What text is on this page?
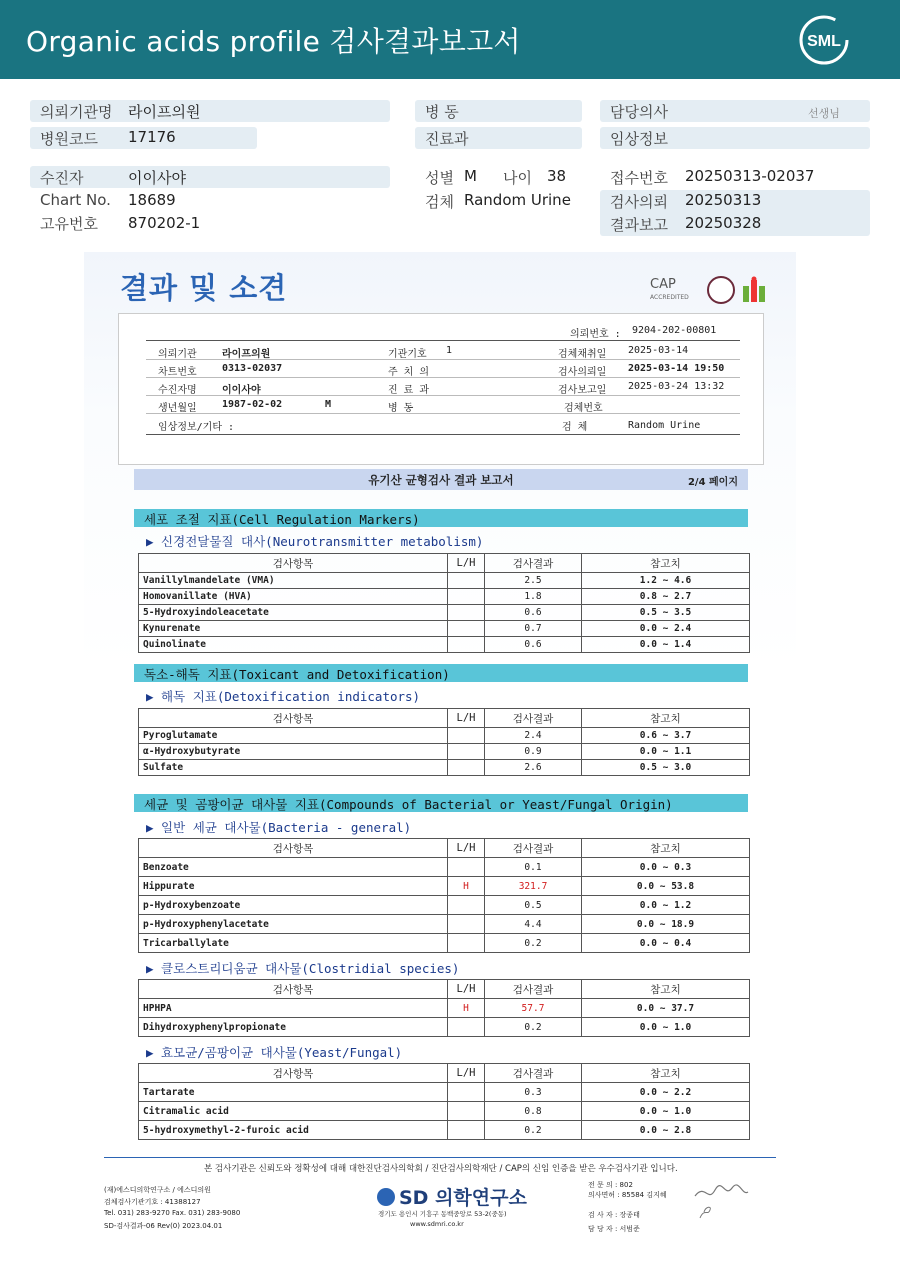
Organic acids profile 검사결과보고서	SML
의뢰기관명 라이프의원
병원코드 17176
병 동
진료과
담당의사	선생님
임상정보
수진자	이이사야
Chart No. 18689
고유번호 870202-1
성별 M 나이 38
검체 Random Urine
접수번호 20250313-02037
검사의뢰 20250313
결과보고 20250328
결과 및 소견	CAP
ACCREDITED
의뢰번호 : 9204-202-00801
의뢰기관	라이프의원	기관기호 1	검체채취일 2025-03-14
차트번호	0313-02037	주 치 의	검사의뢰일 2025-03-14 19:50
수진자명	이이사야	진 료 과	검사보고일 2025-03-24 13:32
생년월일	1987-02-02	M	병 동	검체번호
임상정보/기타 :	검 체	Random Urine
유기산 균형검사 결과 보고서	2/4 페이지
세포 조절 지표(Cell Regulation Markers)
▶ 신경전달물질 대사(Neurotransmitter metabolism)
검사항목	L/H	검사결과	참고치
Vanillylmandelate (VMA)		2.5	1.2 ~ 4.6
Homovanillate (HVA)		1.8	0.8 ~ 2.7
5-Hydroxyindoleacetate		0.6	0.5 ~ 3.5
Kynurenate		0.7	0.0 ~ 2.4
Quinolinate		0.6	0.0 ~ 1.4
독소-해독 지표(Toxicant and Detoxification)
▶ 해독 지표(Detoxification indicators)
검사항목	L/H	검사결과	참고치
Pyroglutamate		2.4	0.6 ~ 3.7
α-Hydroxybutyrate		0.9	0.0 ~ 1.1
Sulfate		2.6	0.5 ~ 3.0
세균 및 곰팡이균 대사물 지표(Compounds of Bacterial or Yeast/Fungal Origin)
▶ 일반 세균 대사물(Bacteria - general)
검사항목	L/H	검사결과	참고치
Benzoate		0.1	0.0 ~ 0.3
Hippurate	H	321.7	0.0 ~ 53.8
p-Hydroxybenzoate		0.5	0.0 ~ 1.2
p-Hydroxyphenylacetate		4.4	0.0 ~ 18.9
Tricarballylate		0.2	0.0 ~ 0.4
▶ 클로스트리디움균 대사물(Clostridial species)
검사항목	L/H	검사결과	참고치
HPHPA	H	57.7	0.0 ~ 37.7
Dihydroxyphenylpropionate		0.2	0.0 ~ 1.0
▶ 효모균/곰팡이균 대사물(Yeast/Fungal)
검사항목	L/H	검사결과	참고치
Tartarate		0.3	0.0 ~ 2.2
Citramalic acid		0.8	0.0 ~ 1.0
5-hydroxymethyl-2-furoic acid		0.2	0.0 ~ 2.8
본 검사기관은 신뢰도와 정확성에 대해 대한진단검사의학회 / 진단검사의학재단 / CAP의 신임 인증을 받은 우수검사기관 입니다.
(재)에스디의학연구소 / 에스디의원
검체검사기관기호 : 41388127
Tel. 031) 283-9270 Fax. 031) 283-9080
SD-검사결과-06 Rev(0) 2023.04.01
SD 의학연구소
경기도 용인시 기흥구 동백중앙로 53-2(중동)
www.sdmri.co.kr
전 문 의 : 802
의사면허 : 85584 김지혜
검 사 자 : 장종태
담 당 자 : 서범준
